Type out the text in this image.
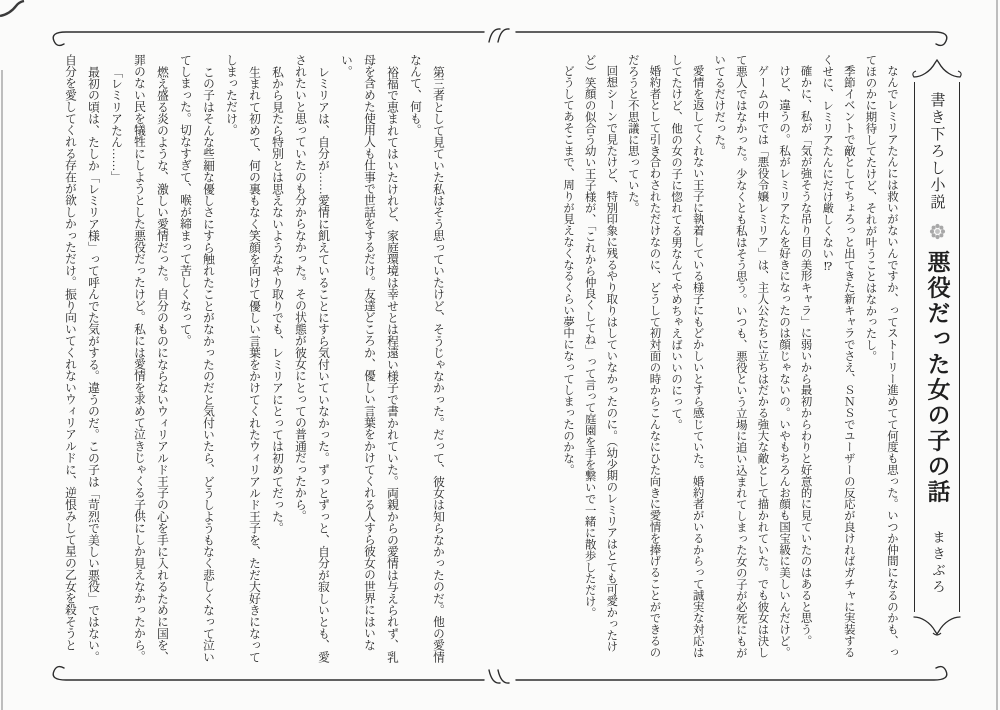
書き下ろし小説
悪役だった女の子の話
まきぶろ

なんでレミリアたんには救いがないんですか、ってストーリー進めてて何度も思った。いつか仲間になるのかも、ってほのかに期待してたけど、それが叶うことはなかったし。

季節イベントで敵としてちょろっと出てきた新キャラでさえ、ＳＮＳでユーザーの反応が良ければガチャに実装するくせに、レミリアたんにだけ厳しくない⁉

確かに、私が「気が強そうな吊り目の美形キャラ」に弱いから最初からわりと好意的に見ていたのはあると思う。

けど、違うの。私がレミリアたんを好きになったのは顔じゃないの。いやもちろんお顔も国宝級に美しいんだけど。

ゲームの中では「悪役令嬢レミリア」は、主人公たちに立ちはだかる強大な敵として描かれていた。でも彼女は決して悪人ではなかった。少なくとも私はそう思う。いつも、悪役という立場に追い込まれてしまった女の子が必死にもがいてるだけだった。

愛情を返してくれない王子に執着している様子にもどかしいとすら感じていた。婚約者がいるからって誠実な対応はしてたけど、他の女の子に惚れてる男なんてやめちゃえばいいのにって。

婚約者として引き合わされただけなのに、どうして初対面の時からこんなにひた向きに愛情を捧げることができるのだろうと不思議に思っていた。

回想シーンで見たけど、特別印象に残るやり取りはしていなかったのに。（幼少期のレミリアはとても可愛かったけど）笑顔の似合う幼い王子様が、「これから仲良くしてね」って言って庭園を手を繋いで一緒に散歩しただけ。

どうしてあそこまで、周りが見えなくなるくらい夢中になってしまったのかな。

第三者として見ていた私はそう思っていたけど、そうじゃなかった。だって、彼女は知らなかったのだ。他の愛情なんて、何も。

裕福で恵まれてはいたけれど、家庭環境は幸せとは程遠い様子で書かれていた。両親からの愛情は与えられず、乳母を含めた使用人も仕事で世話をするだけ。友達どころか、優しい言葉をかけてくれる人すら彼女の世界にはいない。

レミリアは、自分が……愛情に飢えていることにすら気付いていなかった。ずっとずっと、自分が寂しいとも、愛されたいと思っていたのも分からなかった。その状態が彼女にとっての普通だったから。

私から見たら特別とは思えないようなやり取りでも、レミリアにとっては初めてだった。

生まれて初めて、何の裏もなく笑顔を向けて優しい言葉をかけてくれたウィリアルド王子を、ただ大好きになってしまっただけ。

この子はそんな些細な優しさにすら触れたことがなかったのだと気付いたら、どうしようもなく悲しくなって泣いてしまった。切なすぎて、喉が締まって苦しくなって。

燃え盛る炎のような、激しい愛情だった。自分のものにならないウィリアルド王子の心を手に入れるために国を、罪のない民を犠牲にしようとした悪役だったけど。私には愛情を求めて泣きじゃくる子供にしか見えなかったから。

「レミリアたん……」

最初の頃は、たしか「レミリア様」って呼んでた気がする。違うのだ。この子は「苛烈で美しい悪役」ではない。自分を愛してくれる存在が欲しかっただけ。振り向いてくれないウィリアルドに、逆恨みして星の乙女を殺そうと
